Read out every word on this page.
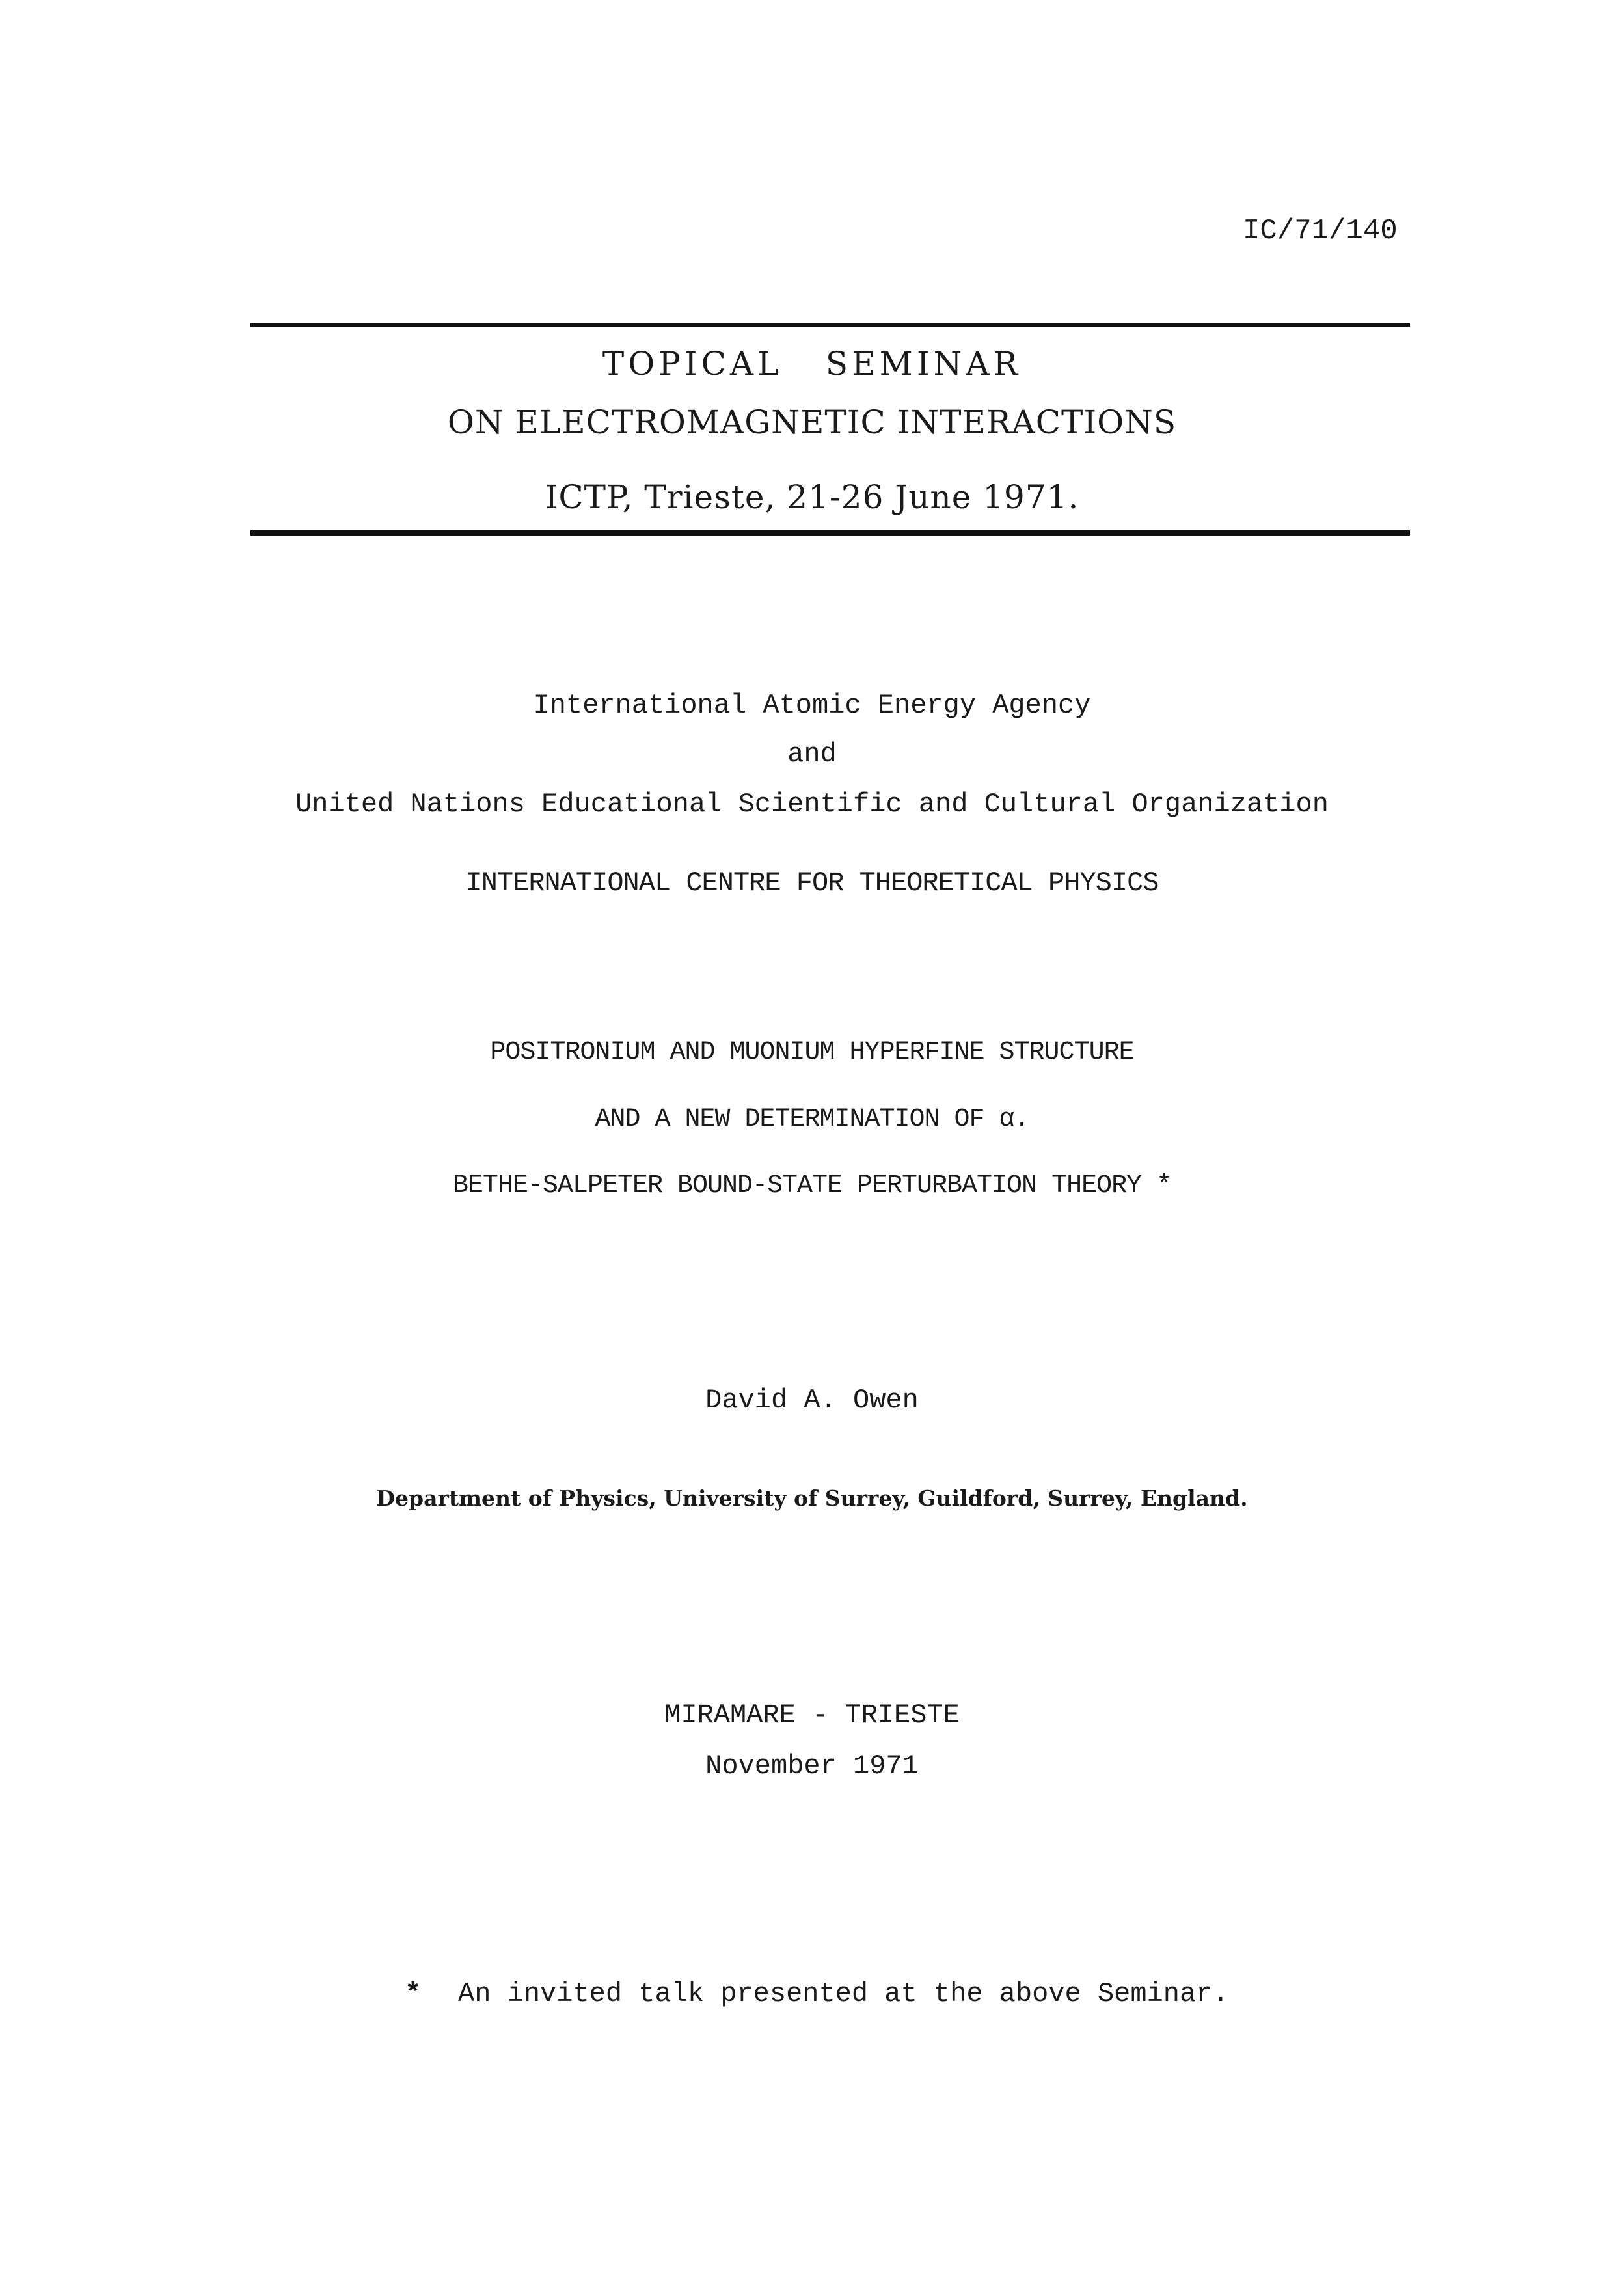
IC/71/140
TOPICAL   SEMINAR
ON ELECTROMAGNETIC INTERACTIONS
ICTP, Trieste, 21-26 June 1971.
International Atomic Energy Agency
and
United Nations Educational Scientific and Cultural Organization
INTERNATIONAL CENTRE FOR THEORETICAL PHYSICS
POSITRONIUM AND MUONIUM HYPERFINE STRUCTURE
AND A NEW DETERMINATION OF α.
BETHE-SALPETER BOUND-STATE PERTURBATION THEORY *
David A. Owen
Department of Physics, University of Surrey, Guildford, Surrey, England.
MIRAMARE - TRIESTE
November 1971
* An invited talk presented at the above Seminar.
